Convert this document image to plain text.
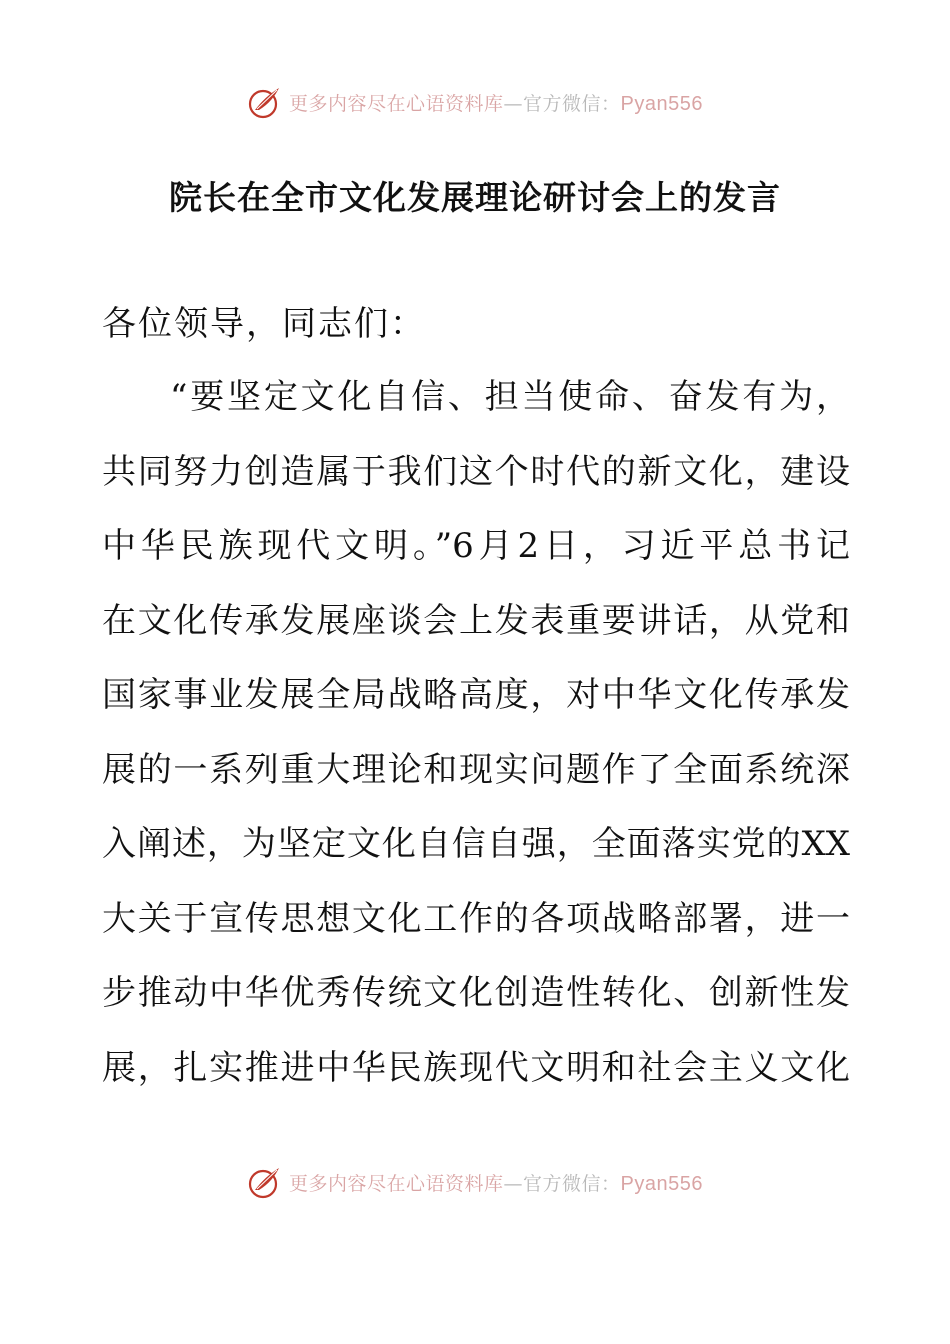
更多内容尽在心语资料库—官方微信：Pyan556
院长在全市文化发展理论研讨会上的发言
各位领导，同志们：
“要坚定文化自信、担当使命、奋发有为，
共同努力创造属于我们这个时代的新文化，建设
中华民族现代文明。”6月2日，习近平总书记
在文化传承发展座谈会上发表重要讲话，从党和
国家事业发展全局战略高度，对中华文化传承发
展的一系列重大理论和现实问题作了全面系统深
入阐述，为坚定文化自信自强，全面落实党的XX
大关于宣传思想文化工作的各项战略部署，进一
步推动中华优秀传统文化创造性转化、创新性发
展，扎实推进中华民族现代文明和社会主义文化
更多内容尽在心语资料库—官方微信：Pyan556
